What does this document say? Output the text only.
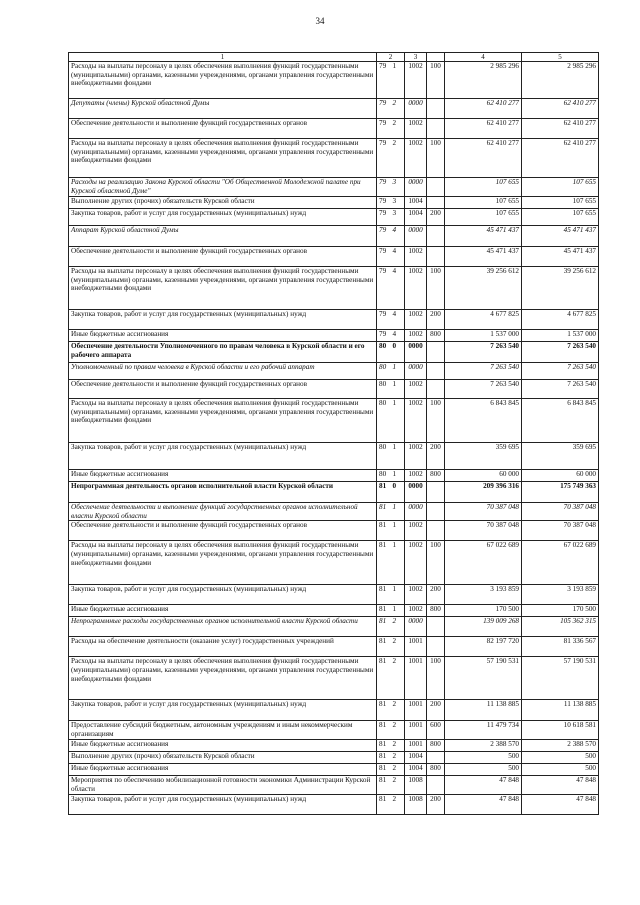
34
1	2		3		4	5
Расходы на выплаты персоналу в целях обеспечения выполнения функций государственными (муниципальными) органами, казенными учреждениями, органами управления государственными внебюджетными фондами	79	1	1002	100	2 985 296	2 985 296
Депутаты (члены) Курской областной Думы	79	2	0000		62 410 277	62 410 277
Обеспечение деятельности и выполнение функций государственных органов	79	2	1002		62 410 277	62 410 277
Расходы на выплаты персоналу в целях обеспечения выполнения функций государственными (муниципальными) органами, казенными учреждениями, органами управления государственными внебюджетными фондами	79	2	1002	100	62 410 277	62 410 277
Расходы на реализацию Закона Курской области "Об Общественной Молодежной палате при Курской областной Думе"	79	3	0000		107 655	107 655
Выполнение других (прочих) обязательств Курской области	79	3	1004		107 655	107 655
Закупка товаров, работ и услуг для государственных (муниципальных) нужд	79	3	1004	200	107 655	107 655
Аппарат Курской областной Думы	79	4	0000		45 471 437	45 471 437
Обеспечение деятельности и выполнение функций государственных органов	79	4	1002		45 471 437	45 471 437
Расходы на выплаты персоналу в целях обеспечения выполнения функций государственными (муниципальными) органами, казенными учреждениями, органами управления государственными внебюджетными фондами	79	4	1002	100	39 256 612	39 256 612
Закупка товаров, работ и услуг для государственных (муниципальных) нужд	79	4	1002	200	4 677 825	4 677 825
Иные бюджетные ассигнования	79	4	1002	800	1 537 000	1 537 000
Обеспечение деятельности Уполномоченного по правам человека в Курской области и его рабочего аппарата	80	0	0000		7 263 540	7 263 540
Уполномоченный по правам человека в Курской области и его рабочий аппарат	80	1	0000		7 263 540	7 263 540
Обеспечение деятельности и выполнение функций государственных органов	80	1	1002		7 263 540	7 263 540
Расходы на выплаты персоналу в целях обеспечения выполнения функций государственными (муниципальными) органами, казенными учреждениями, органами управления государственными внебюджетными фондами	80	1	1002	100	6 843 845	6 843 845
Закупка товаров, работ и услуг для государственных (муниципальных) нужд	80	1	1002	200	359 695	359 695
Иные бюджетные ассигнования	80	1	1002	800	60 000	60 000
Непрограммная деятельность органов исполнительной власти Курской области	81	0	0000		209 396 316	175 749 363
Обеспечение деятельности и выполнение функций государственных органов исполнительной власти Курской области	81	1	0000		70 387 048	70 387 048
Обеспечение деятельности и выполнение функций государственных органов	81	1	1002		70 387 048	70 387 048
Расходы на выплаты персоналу в целях обеспечения выполнения функций государственными (муниципальными) органами, казенными учреждениями, органами управления государственными внебюджетными фондами	81	1	1002	100	67 022 689	67 022 689
Закупка товаров, работ и услуг для государственных (муниципальных) нужд	81	1	1002	200	3 193 859	3 193 859
Иные бюджетные ассигнования	81	1	1002	800	170 500	170 500
Непрограммные расходы государственных органов исполнительной власти Курской области	81	2	0000		139 009 268	105 362 315
Расходы на обеспечение деятельности (оказание услуг) государственных учреждений	81	2	1001		82 197 720	81 336 567
Расходы на выплаты персоналу в целях обеспечения выполнения функций государственными (муниципальными) органами, казенными учреждениями, органами управления государственными внебюджетными фондами	81	2	1001	100	57 190 531	57 190 531
Закупка товаров, работ и услуг для государственных (муниципальных) нужд	81	2	1001	200	11 138 885	11 138 885
Предоставление субсидий бюджетным, автономным учреждениям и иным некоммерческим организациям	81	2	1001	600	11 479 734	10 618 581
Иные бюджетные ассигнования	81	2	1001	800	2 388 570	2 388 570
Выполнение других (прочих) обязательств Курской области	81	2	1004		500	500
Иные бюджетные ассигнования	81	2	1004	800	500	500
Мероприятия по обеспечению мобилизационной готовности экономики Администрации Курской области	81	2	1008		47 848	47 848
Закупка товаров, работ и услуг для государственных (муниципальных) нужд	81	2	1008	200	47 848	47 848
